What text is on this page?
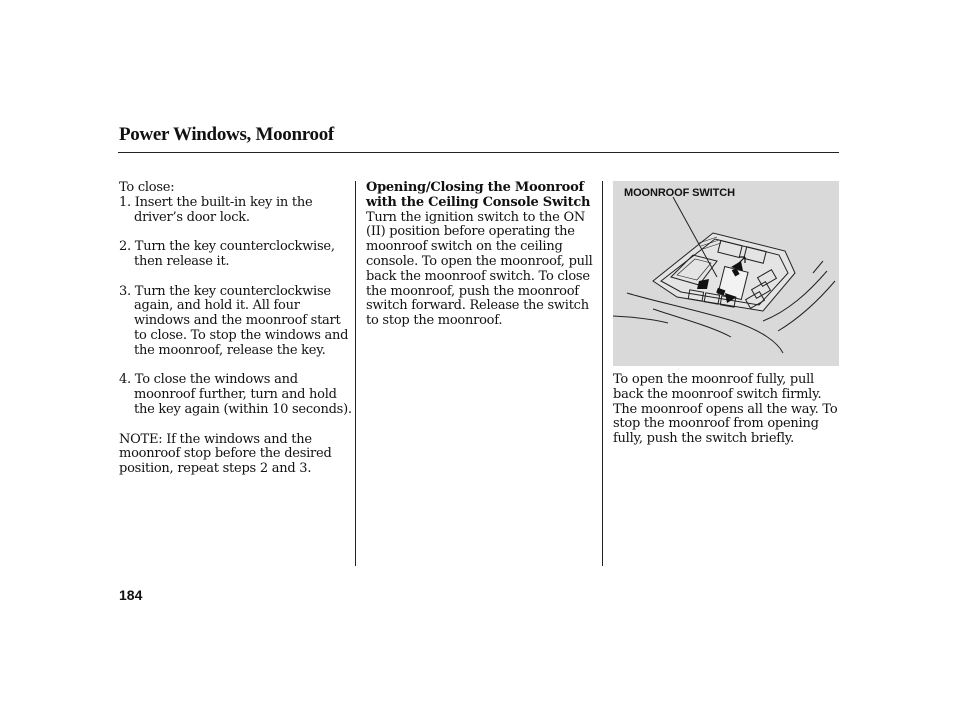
Power Windows, Moonroof

To close:

1. Insert the built-in key in the driver’s door lock.

2. Turn the key counterclockwise, then release it.

3. Turn the key counterclockwise again, and hold it. All four windows and the moonroof start to close. To stop the windows and the moonroof, release the key.

4. To close the windows and moonroof further, turn and hold the key again (within 10 seconds).

NOTE: If the windows and the moonroof stop before the desired position, repeat steps 2 and 3.

Opening/Closing the Moonroof with the Ceiling Console Switch

Turn the ignition switch to the ON (II) position before operating the moonroof switch on the ceiling console. To open the moonroof, pull back the moonroof switch. To close the moonroof, push the moonroof switch forward. Release the switch to stop the moonroof.

MOONROOF SWITCH

To open the moonroof fully, pull back the moonroof switch firmly. The moonroof opens all the way. To stop the moonroof from opening fully, push the switch briefly.

184
